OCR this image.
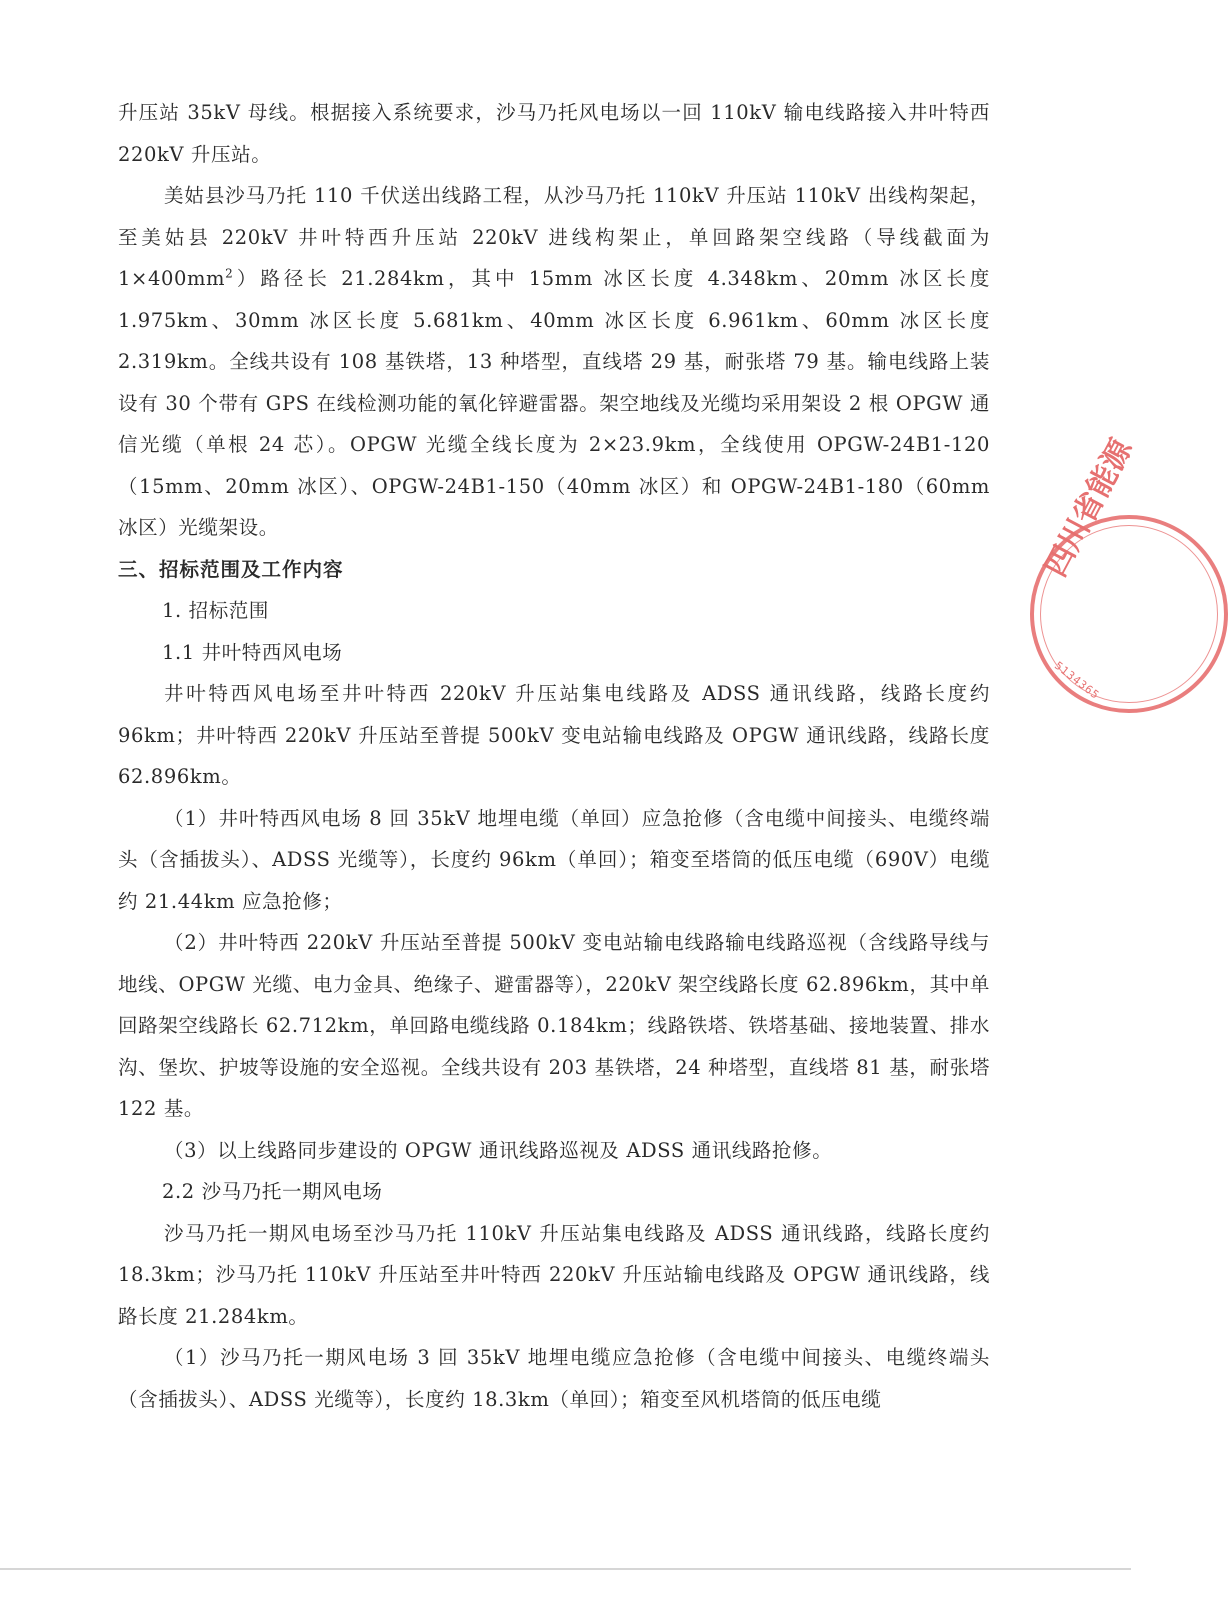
升压站 35kV 母线。根据接入系统要求，沙马乃托风电场以一回 110kV 输电线路接入井叶特西 220kV 升压站。

美姑县沙马乃托 110 千伏送出线路工程，从沙马乃托 110kV 升压站 110kV 出线构架起，至美姑县 220kV 井叶特西升压站 220kV 进线构架止，单回路架空线路（导线截面为 $1\times 400mm^2$）路径长 21.284km，其中 15mm 冰区长度 4.348km、20mm 冰区长度 1.975km、30mm 冰区长度 5.681km、40mm 冰区长度 6.961km、60mm 冰区长度 2.319km。全线共设有 108 基铁塔，13 种塔型，直线塔 29 基，耐张塔 79 基。输电线路上装设有 30 个带有 GPS 在线检测功能的氧化锌避雷器。架空地线及光缆均采用架设 2 根 OPGW 通信光缆（单根 24 芯）。OPGW 光缆全线长度为 2×23.9km，全线使用 OPGW-24B1-120（15mm、20mm 冰区）、OPGW-24B1-150（40mm 冰区）和 OPGW-24B1-180（60mm 冰区）光缆架设。

三、招标范围及工作内容

1. 招标范围

1.1 井叶特西风电场

井叶特西风电场至井叶特西 220kV 升压站集电线路及 ADSS 通讯线路，线路长度约 96km；井叶特西 220kV 升压站至普提 500kV 变电站输电线路及 OPGW 通讯线路，线路长度 62.896km。

（1）井叶特西风电场 8 回 35kV 地埋电缆（单回）应急抢修（含电缆中间接头、电缆终端头（含插拔头）、ADSS 光缆等），长度约 96km（单回）；箱变至塔筒的低压电缆（690V）电缆约 21.44km 应急抢修；

（2）井叶特西 220kV 升压站至普提 500kV 变电站输电线路输电线路巡视（含线路导线与地线、OPGW 光缆、电力金具、绝缘子、避雷器等），220kV 架空线路长度 62.896km，其中单回路架空线路长 62.712km，单回路电缆线路 0.184km；线路铁塔、铁塔基础、接地装置、排水沟、堡坎、护坡等设施的安全巡视。全线共设有 203 基铁塔，24 种塔型，直线塔 81 基，耐张塔 122 基。

（3）以上线路同步建设的 OPGW 通讯线路巡视及 ADSS 通讯线路抢修。

2.2 沙马乃托一期风电场

沙马乃托一期风电场至沙马乃托 110kV 升压站集电线路及 ADSS 通讯线路，线路长度约 18.3km；沙马乃托 110kV 升压站至井叶特西 220kV 升压站输电线路及 OPGW 通讯线路，线路长度 21.284km。

（1）沙马乃托一期风电场 3 回 35kV 地埋电缆应急抢修（含电缆中间接头、电缆终端头（含插拔头）、ADSS 光缆等），长度约 18.3km（单回）；箱变至风机塔筒的低压电缆

四川省能源
5134365
